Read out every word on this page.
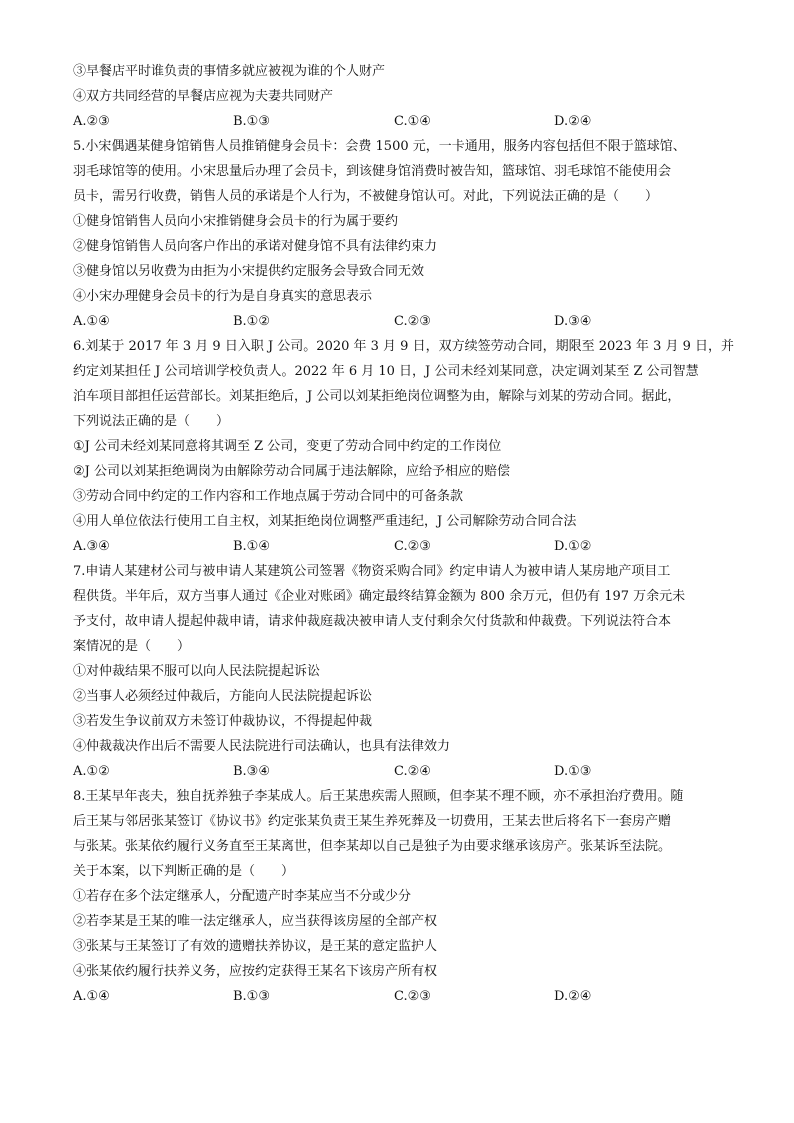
③早餐店平时谁负责的事情多就应被视为谁的个人财产
④双方共同经营的早餐店应视为夫妻共同财产
A.②③	B.①③	C.①④	D.②④
5.小宋偶遇某健身馆销售人员推销健身会员卡：会费 1500 元，一卡通用，服务内容包括但不限于篮球馆、
羽毛球馆等的使用。小宋思量后办理了会员卡，到该健身馆消费时被告知，篮球馆、羽毛球馆不能使用会
员卡，需另行收费，销售人员的承诺是个人行为，不被健身馆认可。对此，下列说法正确的是（　　）
①健身馆销售人员向小宋推销健身会员卡的行为属于要约
②健身馆销售人员向客户作出的承诺对健身馆不具有法律约束力
③健身馆以另收费为由拒为小宋提供约定服务会导致合同无效
④小宋办理健身会员卡的行为是自身真实的意思表示
A.①④	B.①②	C.②③	D.③④
6.刘某于 2017 年 3 月 9 日入职 J 公司。2020 年 3 月 9 日，双方续签劳动合同，期限至 2023 年 3 月 9 日，并
约定刘某担任 J 公司培训学校负责人。2022 年 6 月 10 日，J 公司未经刘某同意，决定调刘某至 Z 公司智慧
泊车项目部担任运营部长。刘某拒绝后，J 公司以刘某拒绝岗位调整为由，解除与刘某的劳动合同。据此，
下列说法正确的是（　　）
①J 公司未经刘某同意将其调至 Z 公司，变更了劳动合同中约定的工作岗位
②J 公司以刘某拒绝调岗为由解除劳动合同属于违法解除，应给予相应的赔偿
③劳动合同中约定的工作内容和工作地点属于劳动合同中的可备条款
④用人单位依法行使用工自主权，刘某拒绝岗位调整严重违纪，J 公司解除劳动合同合法
A.③④	B.①④	C.②③	D.①②
7.申请人某建材公司与被申请人某建筑公司签署《物资采购合同》约定申请人为被申请人某房地产项目工
程供货。半年后，双方当事人通过《企业对账函》确定最终结算金额为 800 余万元，但仍有 197 万余元未
予支付，故申请人提起仲裁申请，请求仲裁庭裁决被申请人支付剩余欠付货款和仲裁费。下列说法符合本
案情况的是（　　）
①对仲裁结果不服可以向人民法院提起诉讼
②当事人必须经过仲裁后，方能向人民法院提起诉讼
③若发生争议前双方未签订仲裁协议，不得提起仲裁
④仲裁裁决作出后不需要人民法院进行司法确认，也具有法律效力
A.①②	B.③④	C.②④	D.①③
8.王某早年丧夫，独自抚养独子李某成人。后王某患疾需人照顾，但李某不理不顾，亦不承担治疗费用。随
后王某与邻居张某签订《协议书》约定张某负责王某生养死葬及一切费用，王某去世后将名下一套房产赠
与张某。张某依约履行义务直至王某离世，但李某却以自己是独子为由要求继承该房产。张某诉至法院。
关于本案，以下判断正确的是（　　）
①若存在多个法定继承人，分配遗产时李某应当不分或少分
②若李某是王某的唯一法定继承人，应当获得该房屋的全部产权
③张某与王某签订了有效的遗赠扶养协议，是王某的意定监护人
④张某依约履行扶养义务，应按约定获得王某名下该房产所有权
A.①④	B.①③	C.②③	D.②④
